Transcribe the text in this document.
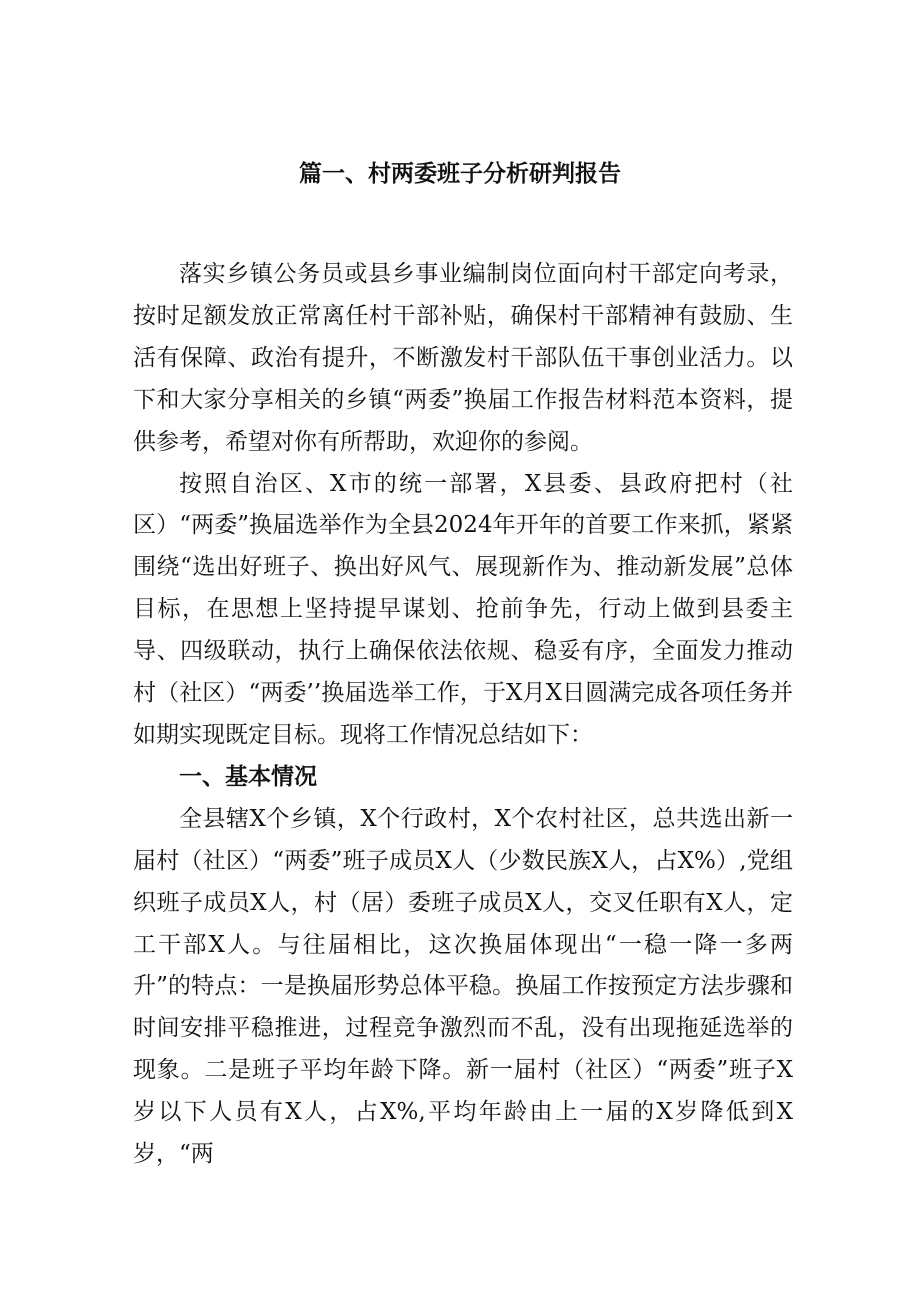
篇一、村两委班子分析研判报告

落实乡镇公务员或县乡事业编制岗位面向村干部定向考录，按时足额发放正常离任村干部补贴，确保村干部精神有鼓励、生活有保障、政治有提升，不断激发村干部队伍干事创业活力。以下和大家分享相关的乡镇“两委”换届工作报告材料范本资料，提供参考，希望对你有所帮助，欢迎你的参阅。

按照自治区、X市的统一部署，X县委、县政府把村（社区）“两委”换届选举作为全县2024年开年的首要工作来抓，紧紧围绕“选出好班子、换出好风气、展现新作为、推动新发展”总体目标，在思想上坚持提早谋划、抢前争先，行动上做到县委主导、四级联动，执行上确保依法依规、稳妥有序，全面发力推动村（社区）“两委’’换届选举工作，于X月X日圆满完成各项任务并如期实现既定目标。现将工作情况总结如下：

一、基本情况

全县辖X个乡镇，X个行政村，X个农村社区，总共选出新一届村（社区）“两委”班子成员X人（少数民族X人，占X%）,党组织班子成员X人，村（居）委班子成员X人，交叉任职有X人，定工干部X人。与往届相比，这次换届体现出“一稳一降一多两升”的特点：一是换届形势总体平稳。换届工作按预定方法步骤和时间安排平稳推进，过程竞争激烈而不乱，没有出现拖延选举的现象。二是班子平均年龄下降。新一届村（社区）“两委”班子X岁以下人员有X人，占X%,平均年龄由上一届的X岁降低到X岁，“两
